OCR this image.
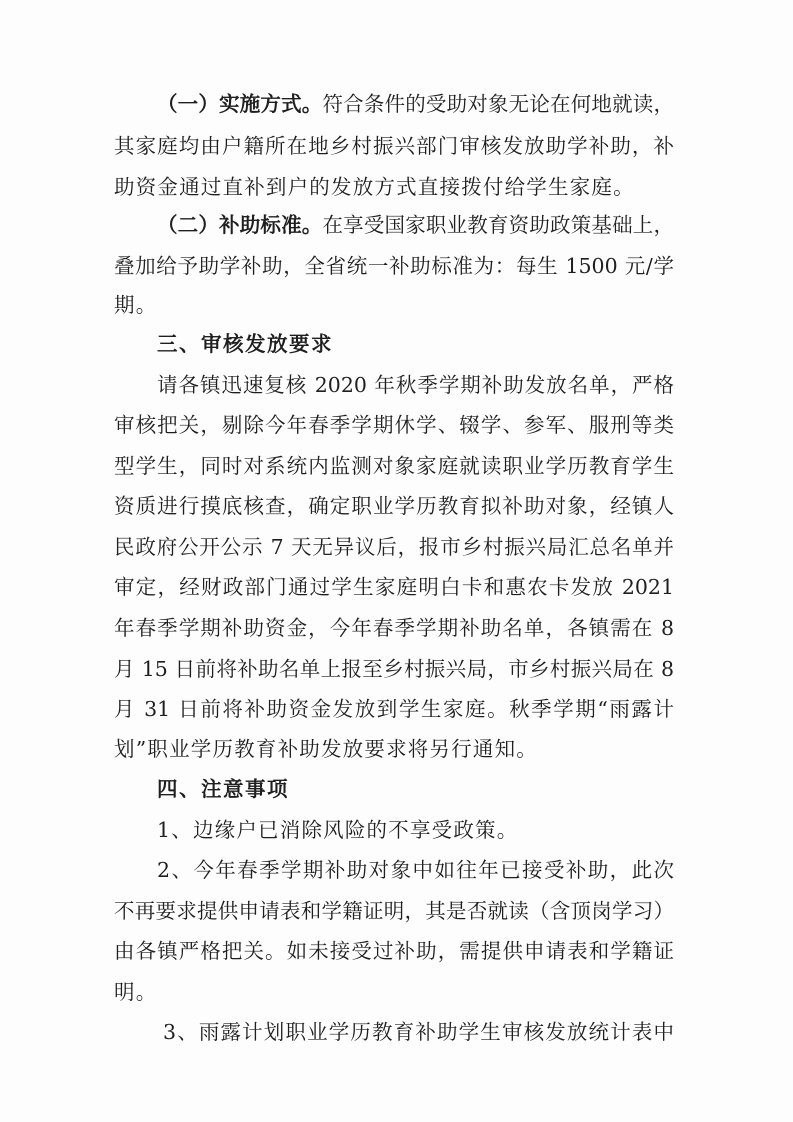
（一）实施方式。符合条件的受助对象无论在何地就读，
其家庭均由户籍所在地乡村振兴部门审核发放助学补助，补
助资金通过直补到户的发放方式直接拨付给学生家庭。
（二）补助标准。在享受国家职业教育资助政策基础上，
叠加给予助学补助，全省统一补助标准为：每生 1500 元/学
期。
三、审核发放要求
请各镇迅速复核 2020 年秋季学期补助发放名单，严格
审核把关，剔除今年春季学期休学、辍学、参军、服刑等类
型学生，同时对系统内监测对象家庭就读职业学历教育学生
资质进行摸底核查，确定职业学历教育拟补助对象，经镇人
民政府公开公示 7 天无异议后，报市乡村振兴局汇总名单并
审定，经财政部门通过学生家庭明白卡和惠农卡发放 2021
年春季学期补助资金，今年春季学期补助名单，各镇需在 8
月 15 日前将补助名单上报至乡村振兴局，市乡村振兴局在 8
月 31 日前将补助资金发放到学生家庭。秋季学期“雨露计
划”职业学历教育补助发放要求将另行通知。
四、注意事项
1、边缘户已消除风险的不享受政策。
2、今年春季学期补助对象中如往年已接受补助，此次
不再要求提供申请表和学籍证明，其是否就读（含顶岗学习）
由各镇严格把关。如未接受过补助，需提供申请表和学籍证
明。
3、雨露计划职业学历教育补助学生审核发放统计表中
